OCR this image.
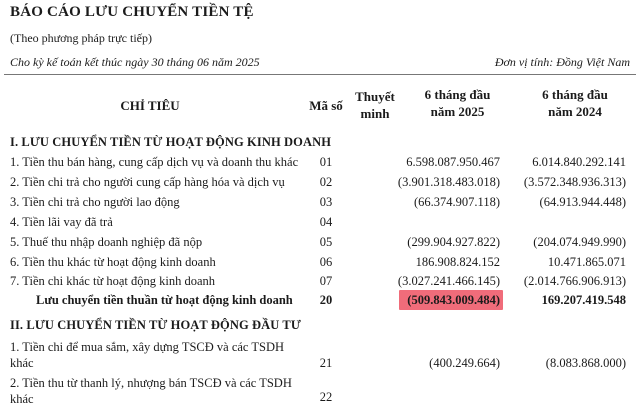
BÁO CÁO LƯU CHUYỂN TIỀN TỆ
(Theo phương pháp trực tiếp)
Cho kỳ kế toán kết thúc ngày 30 tháng 06 năm 2025	Đơn vị tính: Đồng Việt Nam
CHỈ TIÊU	Mã số
Thuyết
minh
6 tháng đầu
năm 2025
6 tháng đầu
năm 2024
I. LƯU CHUYỂN TIỀN TỪ HOẠT ĐỘNG KINH DOANH
1. Tiền thu bán hàng, cung cấp dịch vụ và doanh thu khác	01	6.598.087.950.467	6.014.840.292.141
2. Tiền chi trả cho người cung cấp hàng hóa và dịch vụ	02	(3.901.318.483.018) (3.572.348.936.313)
3. Tiền chi trả cho người lao động	03	(66.374.907.118)	(64.913.944.448)
4. Tiền lãi vay đã trả	04
5. Thuế thu nhập doanh nghiệp đã nộp	05	(299.904.927.822)	(204.074.949.990)
6. Tiền thu khác từ hoạt động kinh doanh	06	186.908.824.152	10.471.865.071
7. Tiền chi khác từ hoạt động kinh doanh	07	(3.027.241.466.145) (2.014.766.906.913)
Lưu chuyển tiền thuần từ hoạt động kinh doanh	20	(509.843.009.484)	169.207.419.548
II. LƯU CHUYỂN TIỀN TỪ HOẠT ĐỘNG ĐẦU TƯ
1. Tiền chi để mua sắm, xây dựng TSCĐ và các TSDH khác	21	(400.249.664)	(8.083.868.000)
2. Tiền thu từ thanh lý, nhượng bán TSCĐ và các TSDH khác	22
